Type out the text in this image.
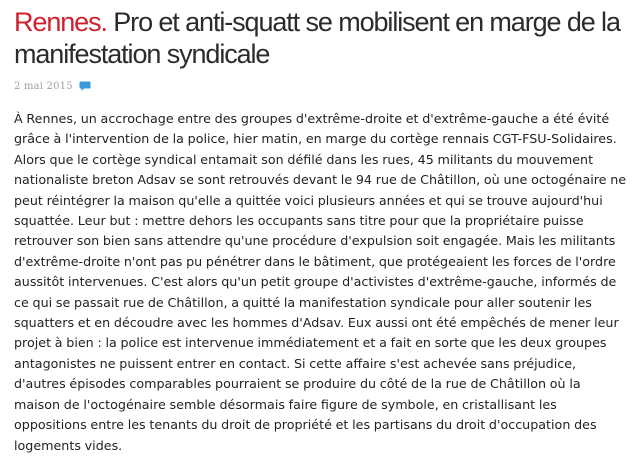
Rennes. Pro et anti-squatt se mobilisent en marge de la manifestation syndicale
2 mai 2015

À Rennes, un accrochage entre des groupes d'extrême-droite et d'extrême-gauche a été évité grâce à l'intervention de la police, hier matin, en marge du cortège rennais CGT-FSU-Solidaires. Alors que le cortège syndical entamait son défilé dans les rues, 45 militants du mouvement nationaliste breton Adsav se sont retrouvés devant le 94 rue de Châtillon, où une octogénaire ne peut réintégrer la maison qu'elle a quittée voici plusieurs années et qui se trouve aujourd'hui squattée. Leur but : mettre dehors les occupants sans titre pour que la propriétaire puisse retrouver son bien sans attendre qu'une procédure d'expulsion soit engagée. Mais les militants d'extrême-droite n'ont pas pu pénétrer dans le bâtiment, que protégeaient les forces de l'ordre aussitôt intervenues. C'est alors qu'un petit groupe d'activistes d'extrême-gauche, informés de ce qui se passait rue de Châtillon, a quitté la manifestation syndicale pour aller soutenir les squatters et en découdre avec les hommes d'Adsav. Eux aussi ont été empêchés de mener leur projet à bien : la police est intervenue immédiatement et a fait en sorte que les deux groupes antagonistes ne puissent entrer en contact. Si cette affaire s'est achevée sans préjudice, d'autres épisodes comparables pourraient se produire du côté de la rue de Châtillon où la maison de l'octogénaire semble désormais faire figure de symbole, en cristallisant les oppositions entre les tenants du droit de propriété et les partisans du droit d'occupation des logements vides.
